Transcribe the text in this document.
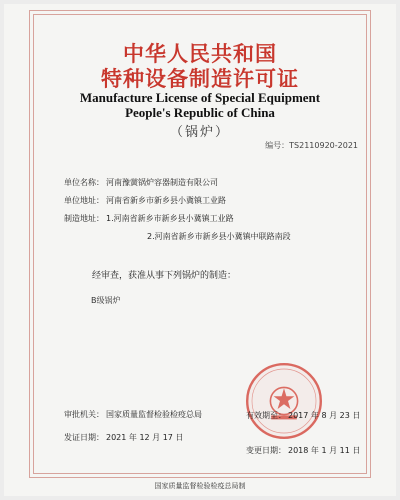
中华人民共和国
特种设备制造许可证
Manufacture License of Special Equipment
People's Republic of China
（锅炉）
编号：TS2110920-2021
单位名称： 河南豫黉锅炉容器制造有限公司
单位地址： 河南省新乡市新乡县小冀镇工业路
制造地址： 1.河南省新乡市新乡县小冀镇工业路
2.河南省新乡市新乡县小冀镇中联路南段
经审查，获准从事下列锅炉的制造：
B级锅炉
审批机关： 国家质量监督检验检疫总局
发证日期： 2021 年 12 月 17 日
有效期至： 2017 年 8 月 23 日
变更日期： 2018 年 1 月 11 日
国家质量监督检验检疫总局制
